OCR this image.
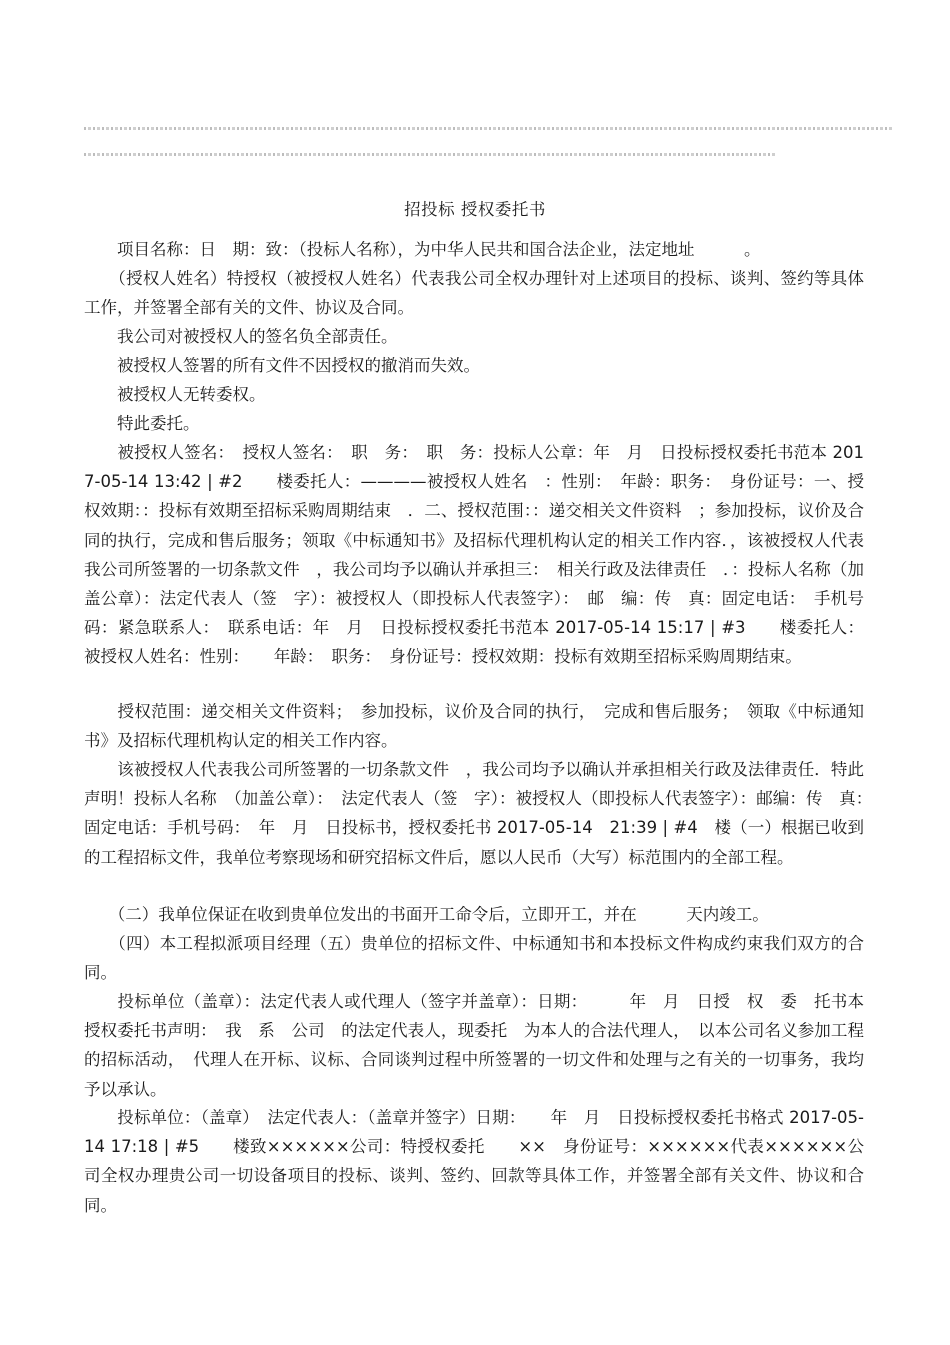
招投标 授权委托书

　　项目名称：日　期：致：（投标人名称），为中华人民共和国合法企业，法定地址　　　。

　　（授权人姓名）特授权（被授权人姓名）代表我公司全权办理针对上述项目的投标、谈判、签约等具体工作，并签署全部有关的文件、协议及合同。

　　我公司对被授权人的签名负全部责任。

　　被授权人签署的所有文件不因授权的撤消而失效。

　　被授权人无转委权。

　　特此委托。

　　被授权人签名：　授权人签名：　职　务：　职　务：投标人公章：年　月　日投标授权委托书范本 2017-05-14 13:42 | #2　　楼委托人：————被授权人姓名　：性别：　年龄：职务：　身份证号：一、授权效期：：投标有效期至招标采购周期结束　．二、授权范围：：递交相关文件资料　；参加投标，议价及合同的执行，完成和售后服务；领取《中标通知书》及招标代理机构认定的相关工作内容．，该被授权人代表我公司所签署的一切条款文件　，我公司均予以确认并承担三：　相关行政及法律责任　．：投标人名称（加盖公章）：法定代表人（签　字）：被授权人（即投标人代表签字）：　邮　编：传　真：固定电话：　手机号码：紧急联系人：　联系电话：年　月　日投标授权委托书范本 2017-05-14 15:17 | #3　　楼委托人：被授权人姓名：性别：　　年龄：　职务：　身份证号：授权效期：投标有效期至招标采购周期结束。

　　授权范围：递交相关文件资料；　参加投标，议价及合同的执行，　完成和售后服务；　领取《中标通知书》及招标代理机构认定的相关工作内容。

　　该被授权人代表我公司所签署的一切条款文件　，我公司均予以确认并承担相关行政及法律责任．特此声明！投标人名称　（加盖公章）：　法定代表人（签　字）：被授权人（即投标人代表签字）：邮编：传　真：　固定电话：手机号码：　年　月　日投标书，授权委托书 2017-05-14　21:39 | #4　楼（一）根据已收到的工程招标文件，我单位考察现场和研究招标文件后，愿以人民币（大写）标范围内的全部工程。

　　（二）我单位保证在收到贵单位发出的书面开工命令后，立即开工，并在　　　天内竣工。

　　（四）本工程拟派项目经理（五）贵单位的招标文件、中标通知书和本投标文件构成约束我们双方的合同。

　　投标单位（盖章）：法定代表人或代理人（签字并盖章）：日期：　　　年　月　日授　权　委　托书本授权委托书声明：　我　系　公司　的法定代表人，现委托　为本人的合法代理人，　以本公司名义参加工程的招标活动，　代理人在开标、议标、合同谈判过程中所签署的一切文件和处理与之有关的一切事务，我均予以承认。

　　投标单位：（盖章）　法定代表人：（盖章并签字）日期：　　年　月　日投标授权委托书格式 2017-05-14 17:18 | #5　　楼致××××××公司：特授权委托　　××　身份证号：××××××代表××××××公司全权办理贵公司一切设备项目的投标、谈判、签约、回款等具体工作，并签署全部有关文件、协议和合同。
